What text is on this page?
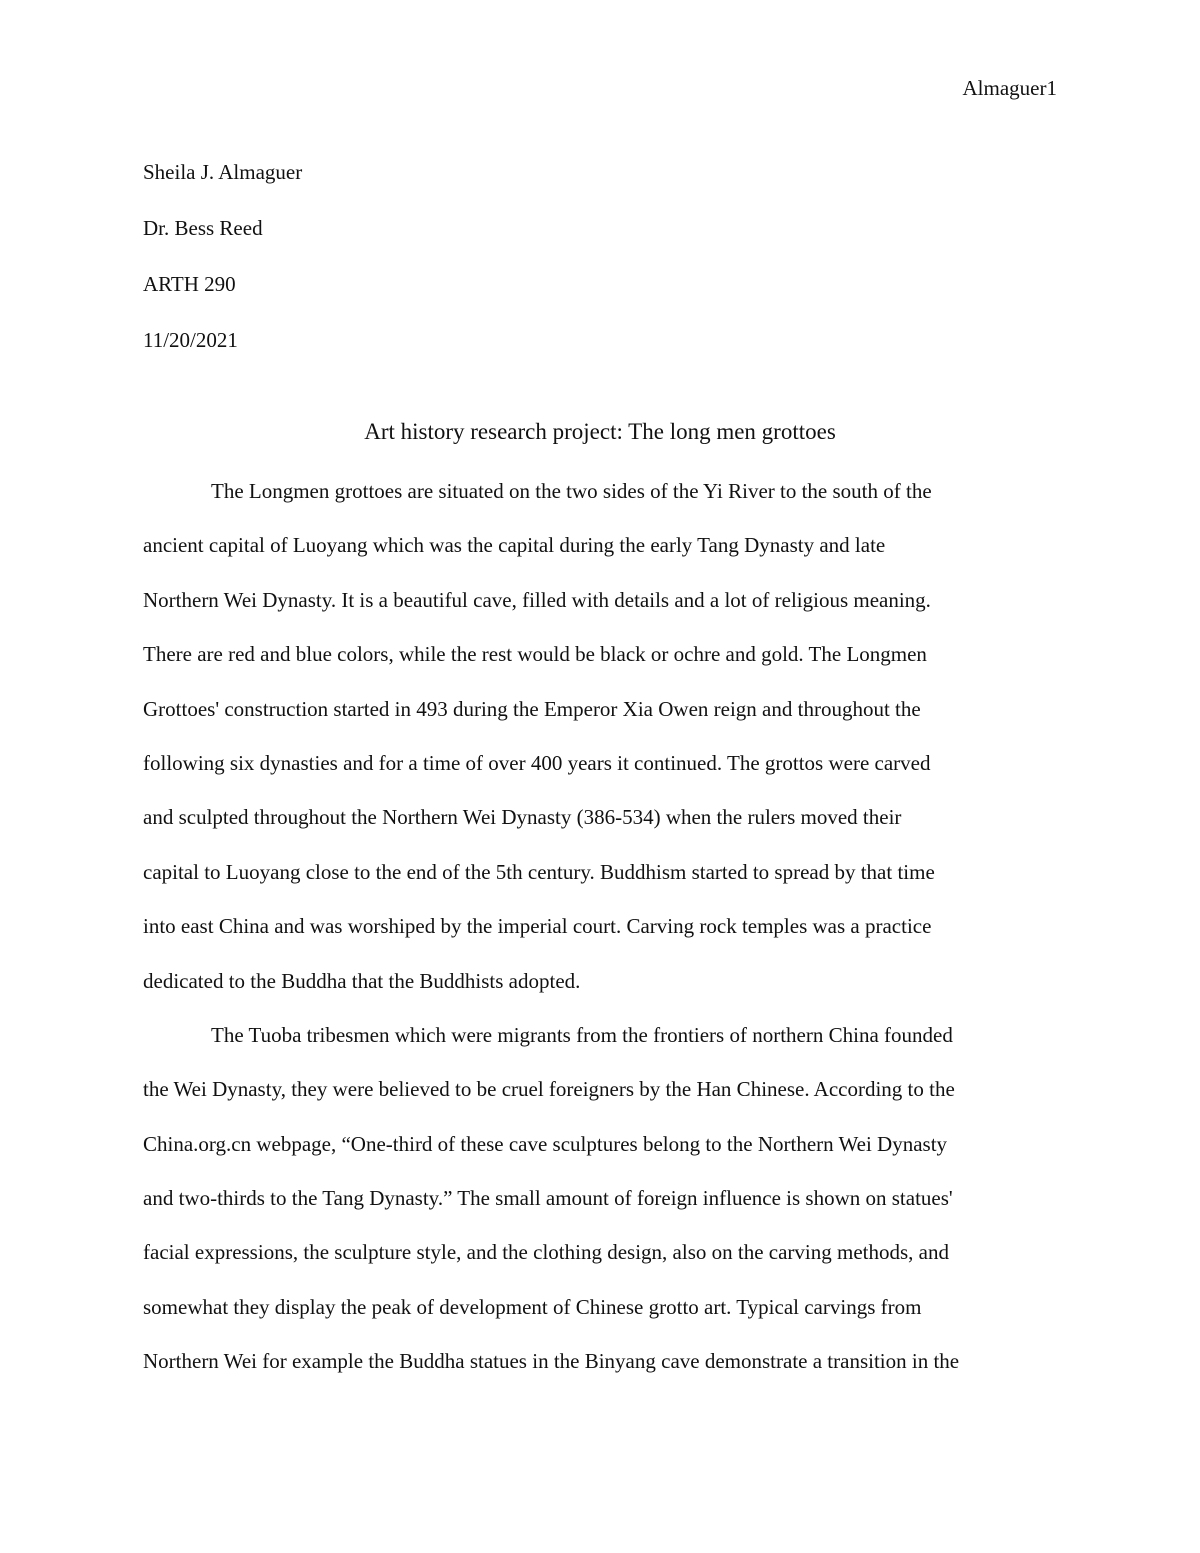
Almaguer1
Sheila J. Almaguer
Dr. Bess Reed
ARTH 290
11/20/2021
Art history research project: The long men grottoes
The Longmen grottoes are situated on the two sides of the Yi River to the south of the
ancient capital of Luoyang which was the capital during the early Tang Dynasty and late
Northern Wei Dynasty. It is a beautiful cave, filled with details and a lot of religious meaning.
There are red and blue colors, while the rest would be black or ochre and gold. The Longmen
Grottoes' construction started in 493 during the Emperor Xia Owen reign and throughout the
following six dynasties and for a time of over 400 years it continued. The grottos were carved
and sculpted throughout the Northern Wei Dynasty (386-534) when the rulers moved their
capital to Luoyang close to the end of the 5th century. Buddhism started to spread by that time
into east China and was worshiped by the imperial court. Carving rock temples was a practice
dedicated to the Buddha that the Buddhists adopted.
The Tuoba tribesmen which were migrants from the frontiers of northern China founded
the Wei Dynasty, they were believed to be cruel foreigners by the Han Chinese. According to the
China.org.cn webpage, “One-third of these cave sculptures belong to the Northern Wei Dynasty
and two-thirds to the Tang Dynasty.” The small amount of foreign influence is shown on statues'
facial expressions, the sculpture style, and the clothing design, also on the carving methods, and
somewhat they display the peak of development of Chinese grotto art. Typical carvings from
Northern Wei for example the Buddha statues in the Binyang cave demonstrate a transition in the
